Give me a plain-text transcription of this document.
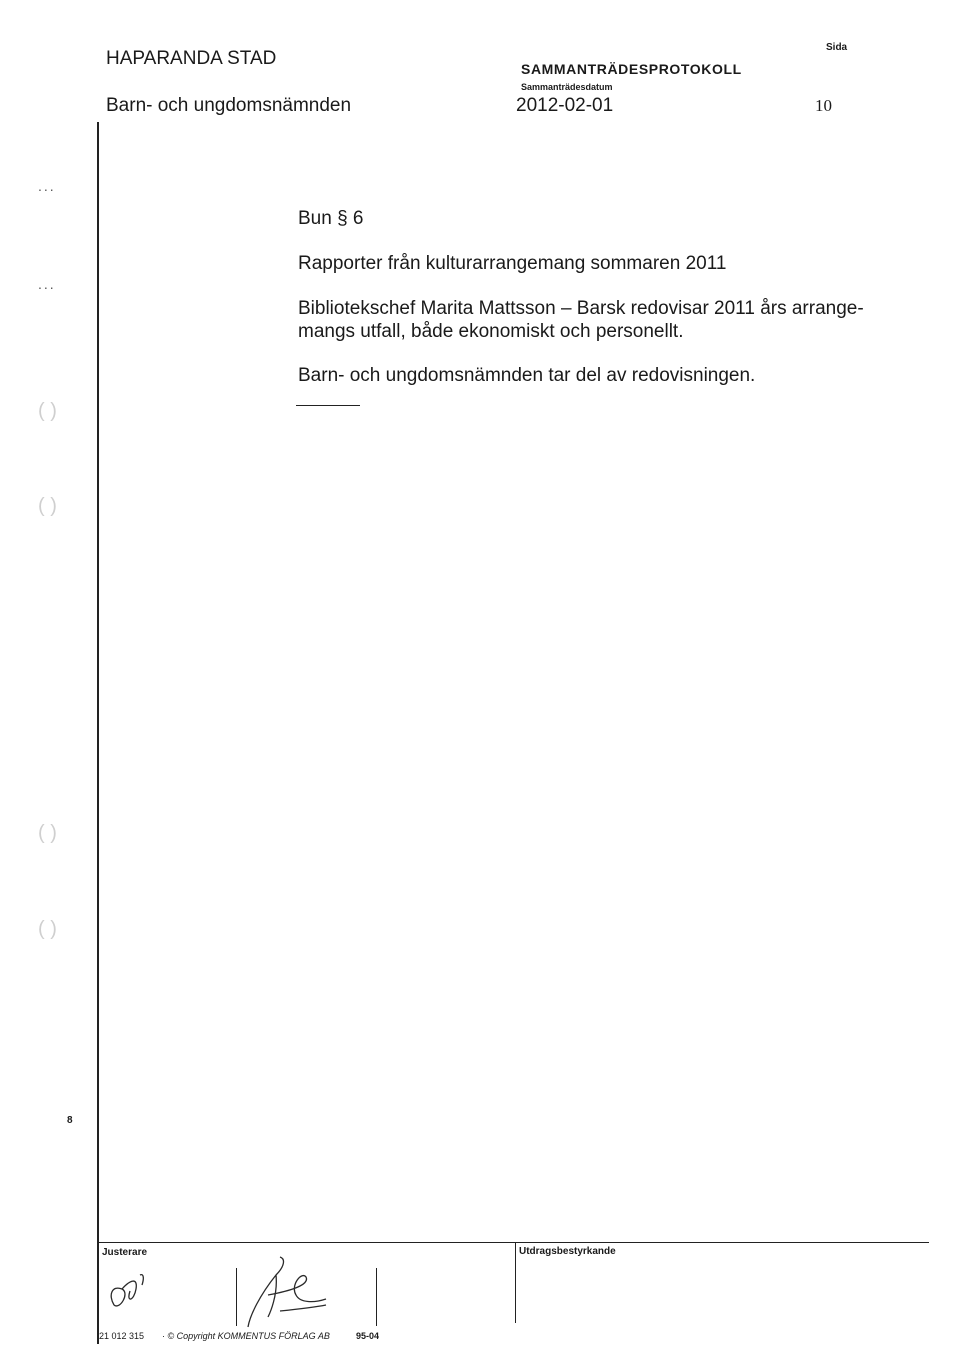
HAPARANDA STAD
Barn- och ungdomsnämnden
SAMMANTRÄDESPROTOKOLL
Sammanträdesdatum
2012-02-01
Sida
10
...
...
( )
( )
( )
( )
8
Bun § 6
Rapporter från kulturarrangemang sommaren 2011
Bibliotekschef Marita Mattsson – Barsk redovisar 2011 års arrange-
mangs utfall, både ekonomiskt och personellt.
Barn- och ungdomsnämnden tar del av redovisningen.
Justerare	Utdragsbestyrkande
21 012 315 · © Copyright KOMMENTUS FÖRLAG AB	95-04
